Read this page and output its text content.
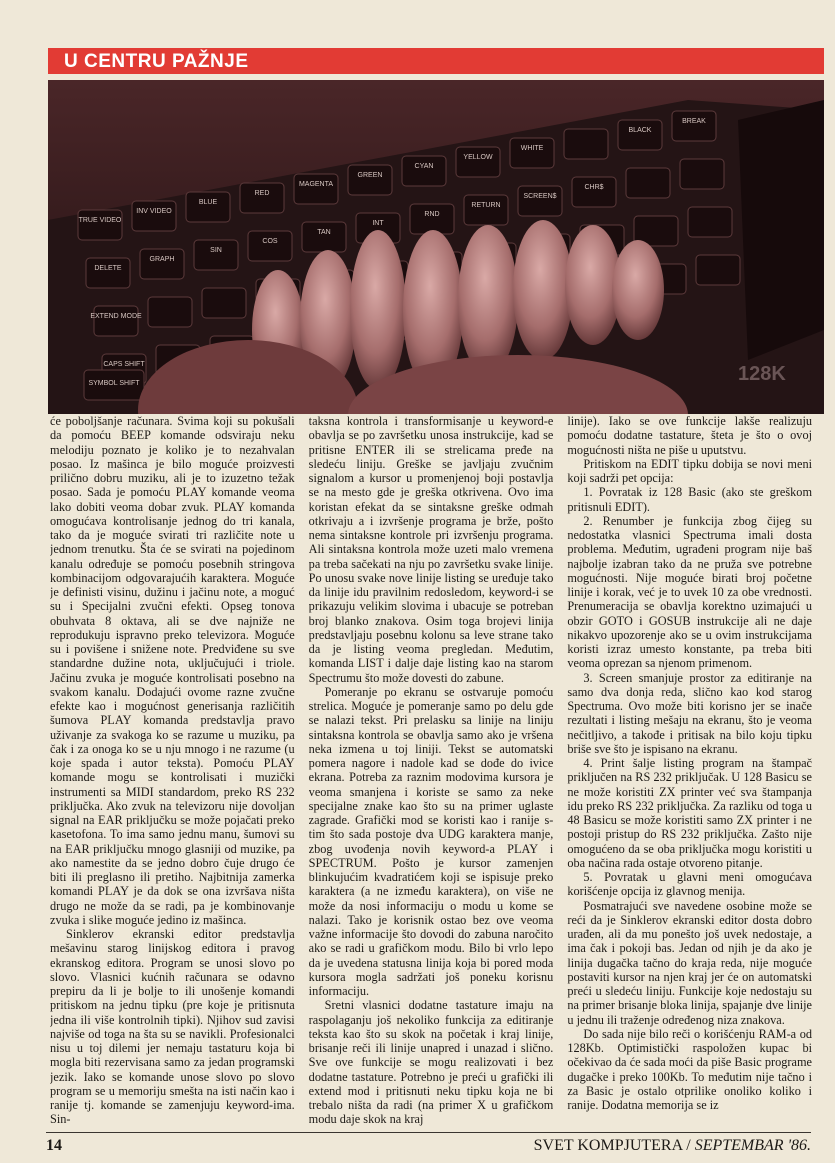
U CENTRU PAŽNJE
TRUE VIDEO
INV VIDEO
BLUE
RED
MAGENTA
GREEN
CYAN
YELLOW
WHITE
BLACK
BREAK
DELETE
GRAPH
SIN
COS
TAN
INT
RND
RETURN
SCREEN$
CHR$
EXTEND MODE
CAPS SHIFT
SYMBOL SHIFT	128K

će poboljšanje računara. Svima koji su pokušali da pomoću BEEP komande odsviraju neku melodiju poznato je koliko je to nezahvalan posao. Iz mašinca je bilo moguće proizvesti prilično dobru muziku, ali je to izuzetno težak posao. Sada je pomoću PLAY komande veoma lako dobiti veoma dobar zvuk. PLAY komanda omogućava kontrolisanje jednog do tri kanala, tako da je moguće svirati tri različite note u jednom trenutku. Šta će se svirati na pojedinom kanalu određuje se pomoću posebnih stringova kombinacijom odgovarajućih karaktera. Moguće je definisti visinu, dužinu i jačinu note, a moguć su i Specijalni zvučni efekti. Opseg tonova obuhvata 8 oktava, ali se dve najniže ne reprodukuju ispravno preko televizora. Moguće su i povišene i snižene note. Predviđene su sve standardne dužine nota, uključujući i triole. Jačinu zvuka je moguće kontrolisati posebno na svakom kanalu. Dodajući ovome razne zvučne efekte kao i mogućnost generisanja različitih šumova PLAY komanda predstavlja pravo uživanje za svakoga ko se razume u muziku, pa čak i za onoga ko se u nju mnogo i ne razume (u koje spada i autor teksta). Pomoću PLAY komande mogu se kontrolisati i muzički instrumenti sa MIDI standardom, preko RS 232 priključka. Ako zvuk na televizoru nije dovoljan signal na EAR priključku se može pojačati preko kasetofona. To ima samo jednu manu, šumovi su na EAR priključku mnogo glasniji od muzike, pa ako namestite da se jedno dobro čuje drugo će biti ili preglasno ili pretiho. Najbitnija zamerka komandi PLAY je da dok se ona izvršava ništa drugo ne može da se radi, pa je kombinovanje zvuka i slike moguće jedino iz mašinca.

Sinklerov ekranski editor predstavlja mešavinu starog linijskog editora i pravog ekranskog editora. Program se unosi slovo po slovo. Vlasnici kućnih računara se odavno prepiru da li je bolje to ili unošenje komandi pritiskom na jednu tipku (pre koje je pritisnuta jedna ili više kontrolnih tipki). Njihov sud zavisi najviše od toga na šta su se navikli. Profesionalci nisu u toj dilemi jer nemaju tastaturu koja bi mogla biti rezervisana samo za jedan programski jezik. Iako se komande unose slovo po slovo program se u memoriju smešta na isti način kao i ranije tj. komande se zamenjuju keyword-ima. Sin-

taksna kontrola i transformisanje u keyword-e obavlja se po završetku unosa instrukcije, kad se pritisne ENTER ili se strelicama pređe na sledeću liniju. Greške se javljaju zvučnim signalom a kursor u promenjenoj boji postavlja se na mesto gde je greška otkrivena. Ovo ima koristan efekat da se sintaksne greške odmah otkrivaju a i izvršenje programa je brže, pošto nema sintaksne kontrole pri izvršenju programa. Ali sintaksna kontrola može uzeti malo vremena pa treba sačekati na nju po završetku svake linije. Po unosu svake nove linije listing se uređuje tako da linije idu pravilnim redosledom, keyword-i se prikazuju velikim slovima i ubacuje se potreban broj blanko znakova. Osim toga brojevi linija predstavljaju posebnu kolonu sa leve strane tako da je listing veoma pregledan. Međutim, komanda LIST i dalje daje listing kao na starom Spectrumu što može dovesti do zabune.

Pomeranje po ekranu se ostvaruje pomoću strelica. Moguće je pomeranje samo po delu gde se nalazi tekst. Pri prelasku sa linije na liniju sintaksna kontrola se obavlja samo ako je vršena neka izmena u toj liniji. Tekst se automatski pomera nagore i nadole kad se dođe do ivice ekrana. Potreba za raznim modovima kursora je veoma smanjena i koriste se samo za neke specijalne znake kao što su na primer uglaste zagrade. Grafički mod se koristi kao i ranije s-tim što sada postoje dva UDG karaktera manje, zbog uvođenja novih keyword-a PLAY i SPECTRUM. Pošto je kursor zamenjen blinkujućim kvadratićem koji se ispisuje preko karaktera (a ne između karaktera), on više ne može da nosi informaciju o modu u kome se nalazi. Tako je korisnik ostao bez ove veoma važne informacije što dovodi do zabuna naročito ako se radi u grafičkom modu. Bilo bi vrlo lepo da je uvedena statusna linija koja bi pored moda kursora mogla sadržati još poneku korisnu informaciju.

Sretni vlasnici dodatne tastature imaju na raspolaganju još nekoliko funkcija za editiranje teksta kao što su skok na početak i kraj linije, brisanje reči ili linije unapred i unazad i slično. Sve ove funkcije se mogu realizovati i bez dodatne tastature. Potrebno je preći u grafički ili extend mod i pritisnuti neku tipku koja ne bi trebalo ništa da radi (na primer X u grafičkom modu daje skok na kraj

linije). Iako se ove funkcije lakše realizuju pomoću dodatne tastature, šteta je što o ovoj mogućnosti ništa ne piše u uputstvu.

Pritiskom na EDIT tipku dobija se novi meni koji sadrži pet opcija:

1. Povratak iz 128 Basic (ako ste greškom pritisnuli EDIT).

2. Renumber je funkcija zbog čijeg su nedostatka vlasnici Spectruma imali dosta problema. Međutim, ugrađeni program nije baš najbolje izabran tako da ne pruža sve potrebne mogućnosti. Nije moguće birati broj početne linije i korak, već je to uvek 10 za obe vrednosti. Prenumeracija se obavlja korektno uzimajući u obzir GOTO i GOSUB instrukcije ali ne daje nikakvo upozorenje ako se u ovim instrukcijama koristi izraz umesto konstante, pa treba biti veoma oprezan sa njenom primenom.

3. Screen smanjuje prostor za editiranje na samo dva donja reda, slično kao kod starog Spectruma. Ovo može biti korisno jer se inače rezultati i listing mešaju na ekranu, što je veoma nečitljivo, a takođe i pritisak na bilo koju tipku briše sve što je ispisano na ekranu.

4. Print šalje listing program na štampač priključen na RS 232 priključak. U 128 Basicu se ne može koristiti ZX printer već sva štampanja idu preko RS 232 priključka. Za razliku od toga u 48 Basicu se može koristiti samo ZX printer i ne postoji pristup do RS 232 priključka. Zašto nije omogućeno da se oba priključka mogu koristiti u oba načina rada ostaje otvoreno pitanje.

5. Povratak u glavni meni omogućava korišćenje opcija iz glavnog menija.

Posmatrajući sve navedene osobine može se reći da je Sinklerov ekranski editor dosta dobro urađen, ali da mu ponešto još uvek nedostaje, a ima čak i pokoji bas. Jedan od njih je da ako je linija dugačka tačno do kraja reda, nije moguće postaviti kursor na njen kraj jer će on automatski preći u sledeću liniju. Funkcije koje nedostaju su na primer brisanje bloka linija, spajanje dve linije u jednu ili traženje određenog niza znakova.

Do sada nije bilo reči o korišćenju RAM-a od 128Kb. Optimistički raspoložen kupac bi očekivao da će sada moći da piše Basic programe dugačke i preko 100Kb. To međutim nije tačno i za Basic je ostalo otprilike onoliko koliko i ranije. Dodatna memorija se iz

14	SVET KOMPJUTERA / SEPTEMBAR '86.
